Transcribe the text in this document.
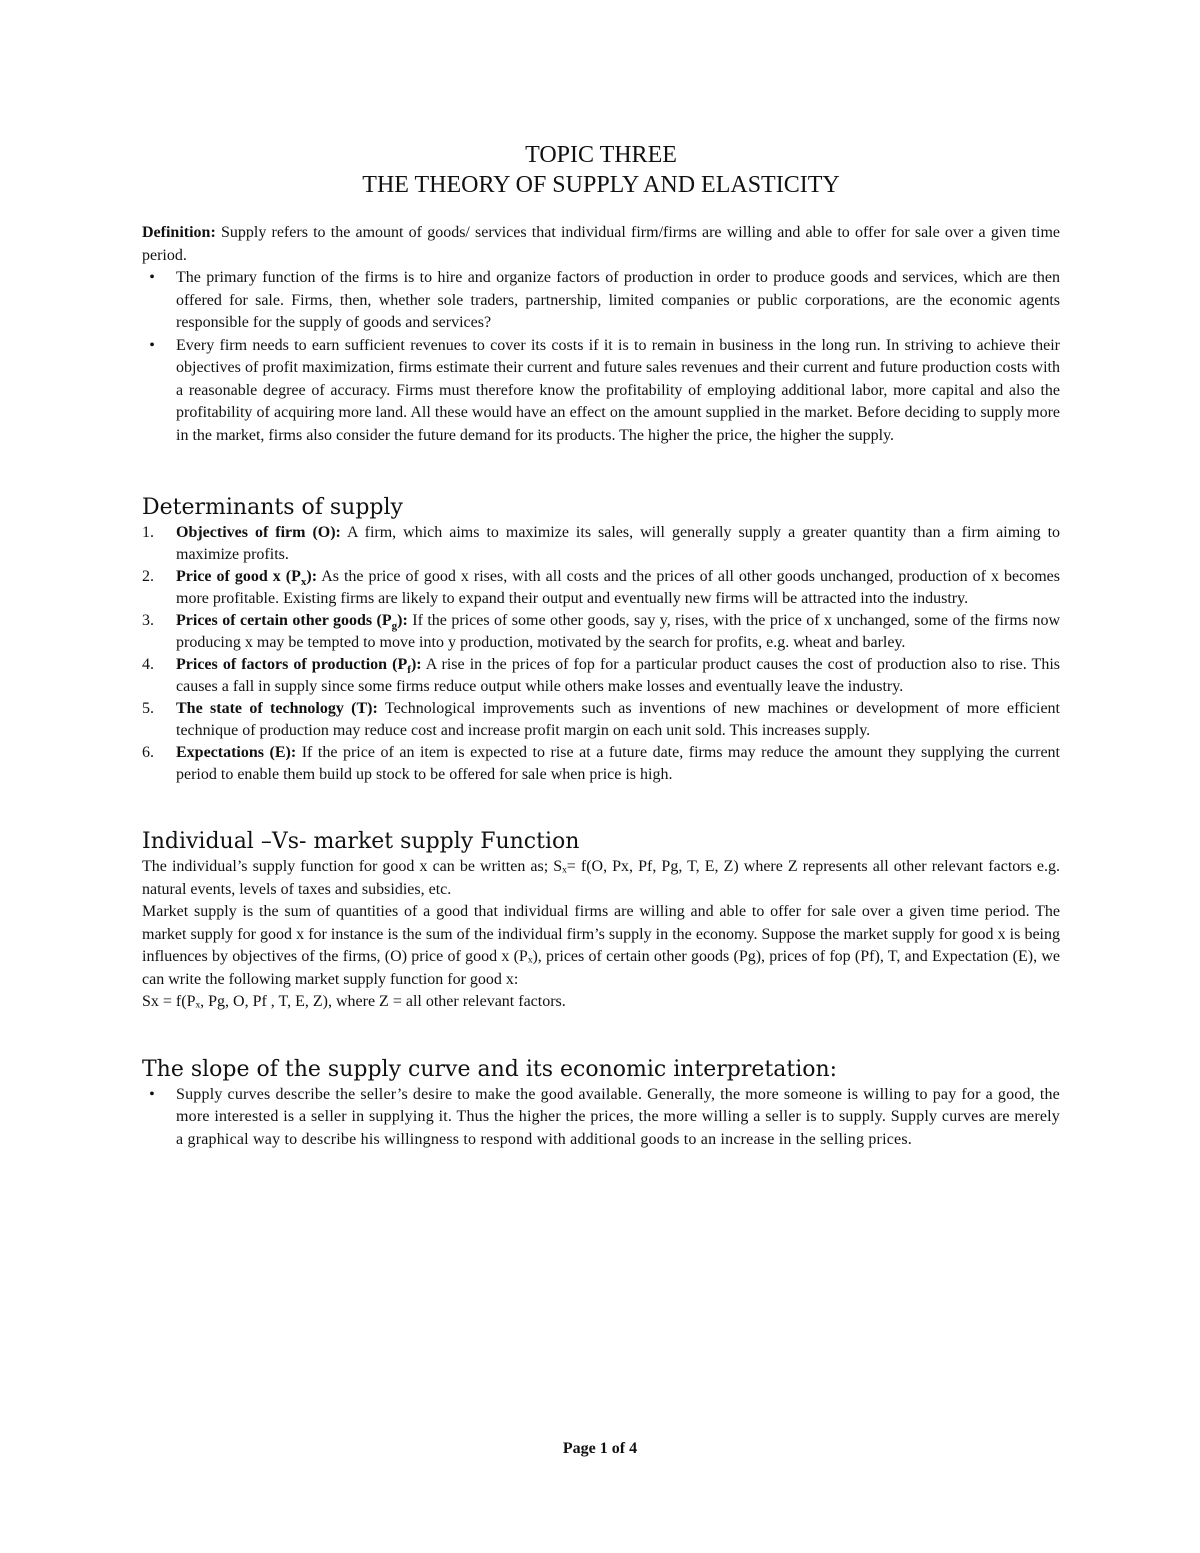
TOPIC THREE
THE THEORY OF SUPPLY AND ELASTICITY

Definition: Supply refers to the amount of goods/ services that individual firm/firms are willing and able to offer for sale over a given time period.

•	The primary function of the firms is to hire and organize factors of production in order to produce goods and services, which are then offered for sale. Firms, then, whether sole traders, partnership, limited companies or public corporations, are the economic agents responsible for the supply of goods and services?
•	Every firm needs to earn sufficient revenues to cover its costs if it is to remain in business in the long run. In striving to achieve their objectives of profit maximization, firms estimate their current and future sales revenues and their current and future production costs with a reasonable degree of accuracy. Firms must therefore know the profitability of employing additional labor, more capital and also the profitability of acquiring more land. All these would have an effect on the amount supplied in the market. Before deciding to supply more in the market, firms also consider the future demand for its products. The higher the price, the higher the supply.
Determinants of supply
1. Objectives of firm (O): A firm, which aims to maximize its sales, will generally supply a greater quantity than a firm aiming to maximize profits.
2. Price of good x $(P_x)$: As the price of good x rises, with all costs and the prices of all other goods unchanged, production of x becomes more profitable. Existing firms are likely to expand their output and eventually new firms will be attracted into the industry.
3. Prices of certain other goods $(P_g)$: If the prices of some other goods, say y, rises, with the price of x unchanged, some of the firms now producing x may be tempted to move into y production, motivated by the search for profits, e.g. wheat and barley.
4. Prices of factors of production $(P_f)$: A rise in the prices of fop for a particular product causes the cost of production also to rise. This causes a fall in supply since some firms reduce output while others make losses and eventually leave the industry.
5. The state of technology (T): Technological improvements such as inventions of new machines or development of more efficient technique of production may reduce cost and increase profit margin on each unit sold. This increases supply.
6. Expectations (E): If the price of an item is expected to rise at a future date, firms may reduce the amount they supplying the current period to enable them build up stock to be offered for sale when price is high.
Individual –Vs- market supply Function

The individual’s supply function for good x can be written as; Sₓ= f(O, Px, Pf, Pg, T, E, Z) where Z represents all other relevant factors e.g. natural events, levels of taxes and subsidies, etc.

Market supply is the sum of quantities of a good that individual firms are willing and able to offer for sale over a given time period. The market supply for good x for instance is the sum of the individual firm’s supply in the economy. Suppose the market supply for good x is being influences by objectives of the firms, (O) price of good x (Pₓ), prices of certain other goods (Pg), prices of fop (Pf), T, and Expectation (E), we can write the following market supply function for good x:

Sx = f(Pₓ, Pg, O, Pf , T, E, Z), where Z = all other relevant factors.

The slope of the supply curve and its economic interpretation:
•	Supply curves describe the seller’s desire to make the good available. Generally, the more someone is willing to pay for a good, the more interested is a seller in supplying it. Thus the higher the prices, the more willing a seller is to supply. Supply curves are merely a graphical way to describe his willingness to respond with additional goods to an increase in the selling prices.
Page 1 of 4
